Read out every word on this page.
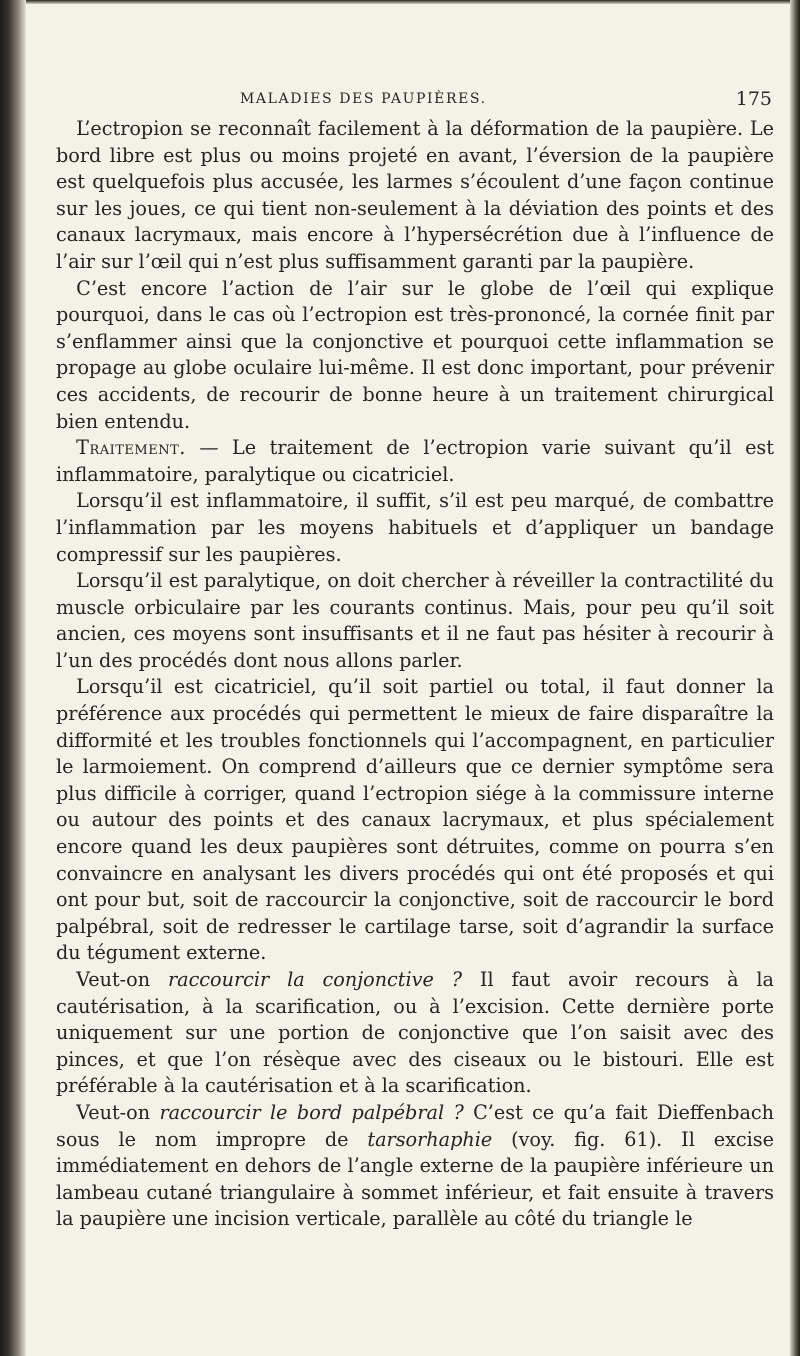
MALADIES DES PAUPIÈRES.	175

L’ectropion se reconnaît facilement à la déformation de la paupière. Le bord libre est plus ou moins projeté en avant, l’éversion de la paupière est quelquefois plus accusée, les larmes s’écoulent d’une façon continue sur les joues, ce qui tient non-seulement à la déviation des points et des canaux lacrymaux, mais encore à l’hypersécrétion due à l’influence de l’air sur l’œil qui n’est plus suffisamment garanti par la paupière.

C’est encore l’action de l’air sur le globe de l’œil qui explique pourquoi, dans le cas où l’ectropion est très-prononcé, la cornée finit par s’enflammer ainsi que la conjonctive et pourquoi cette inflammation se propage au globe oculaire lui-même. Il est donc important, pour prévenir ces accidents, de recourir de bonne heure à un traitement chirurgical bien entendu.

Traitement. — Le traitement de l’ectropion varie suivant qu’il est inflammatoire, paralytique ou cicatriciel.

Lorsqu’il est inflammatoire, il suffit, s’il est peu marqué, de combattre l’inflammation par les moyens habituels et d’appliquer un bandage compressif sur les paupières.

Lorsqu’il est paralytique, on doit chercher à réveiller la contractilité du muscle orbiculaire par les courants continus. Mais, pour peu qu’il soit ancien, ces moyens sont insuffisants et il ne faut pas hésiter à recourir à l’un des procédés dont nous allons parler.

Lorsqu’il est cicatriciel, qu’il soit partiel ou total, il faut donner la préférence aux procédés qui permettent le mieux de faire disparaître la difformité et les troubles fonctionnels qui l’accompagnent, en particulier le larmoiement. On comprend d’ailleurs que ce dernier symptôme sera plus difficile à corriger, quand l’ectropion siége à la commissure interne ou autour des points et des canaux lacrymaux, et plus spécialement encore quand les deux paupières sont détruites, comme on pourra s’en convaincre en analysant les divers procédés qui ont été proposés et qui ont pour but, soit de raccourcir la conjonctive, soit de raccourcir le bord palpébral, soit de redresser le cartilage tarse, soit d’agrandir la surface du tégument externe.

Veut-on raccourcir la conjonctive ? Il faut avoir recours à la cautérisation, à la scarification, ou à l’excision. Cette dernière porte uniquement sur une portion de conjonctive que l’on saisit avec des pinces, et que l’on résèque avec des ciseaux ou le bistouri. Elle est préférable à la cautérisation et à la scarification.

Veut-on raccourcir le bord palpébral ? C’est ce qu’a fait Dieffenbach sous le nom impropre de tarsorhaphie (voy. fig. 61). Il excise immédiatement en dehors de l’angle externe de la paupière inférieure un lambeau cutané triangulaire à sommet inférieur, et fait ensuite à travers la paupière une incision verticale, parallèle au côté du triangle le
